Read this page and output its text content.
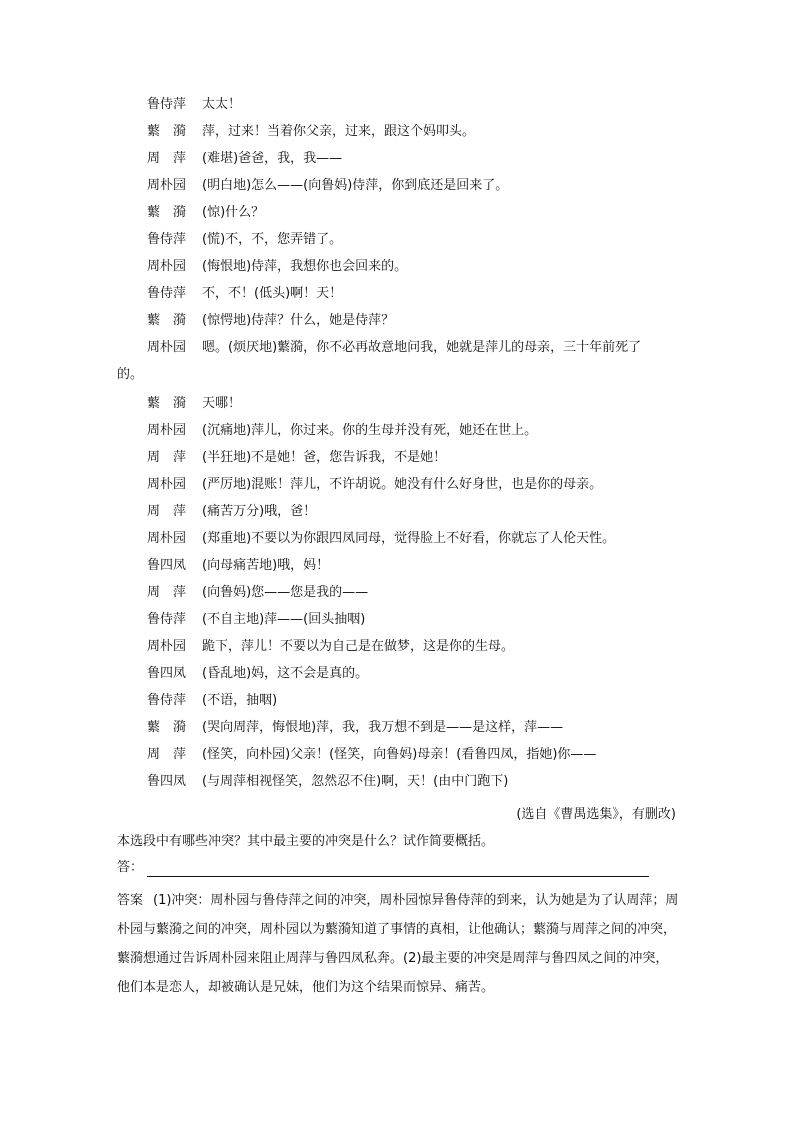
鲁侍萍	太太！
蘩　漪	萍，过来！当着你父亲，过来，跟这个妈叩头。
周　萍	(难堪)爸爸，我，我——
周朴园	(明白地)怎么——(向鲁妈)侍萍，你到底还是回来了。
蘩　漪	(惊)什么？
鲁侍萍	(慌)不，不，您弄错了。
周朴园	(悔恨地)侍萍，我想你也会回来的。
鲁侍萍	不，不！(低头)啊！天！
蘩　漪	(惊愕地)侍萍？什么，她是侍萍？
周朴园	嗯。(烦厌地)蘩漪，你不必再故意地问我，她就是萍儿的母亲，三十年前死了
的。
蘩　漪	天哪！
周朴园	(沉痛地)萍儿，你过来。你的生母并没有死，她还在世上。
周　萍	(半狂地)不是她！爸，您告诉我，不是她！
周朴园	(严厉地)混账！萍儿，不许胡说。她没有什么好身世，也是你的母亲。
周　萍	(痛苦万分)哦，爸！
周朴园	(郑重地)不要以为你跟四凤同母，觉得脸上不好看，你就忘了人伦天性。
鲁四凤	(向母痛苦地)哦，妈！
周　萍	(向鲁妈)您——您是我的——
鲁侍萍	(不自主地)萍——(回头抽咽)
周朴园	跪下，萍儿！不要以为自己是在做梦，这是你的生母。
鲁四凤	(昏乱地)妈，这不会是真的。
鲁侍萍	(不语，抽咽)
蘩　漪	(哭向周萍，悔恨地)萍，我，我万想不到是——是这样，萍——
周　萍	(怪笑，向朴园)父亲！(怪笑，向鲁妈)母亲！(看鲁四凤，指她)你——
鲁四凤	(与周萍相视怪笑，忽然忍不住)啊，天！(由中门跑下)
(选自《曹禺选集》，有删改)
本选段中有哪些冲突？其中最主要的冲突是什么？试作简要概括。
答：
答案 (1)冲突：周朴园与鲁侍萍之间的冲突，周朴园惊异鲁侍萍的到来，认为她是为了认周萍；周朴园与蘩漪之间的冲突，周朴园以为蘩漪知道了事情的真相，让他确认；蘩漪与周萍之间的冲突，蘩漪想通过告诉周朴园来阻止周萍与鲁四凤私奔。(2)最主要的冲突是周萍与鲁四凤之间的冲突，他们本是恋人，却被确认是兄妹，他们为这个结果而惊异、痛苦。
